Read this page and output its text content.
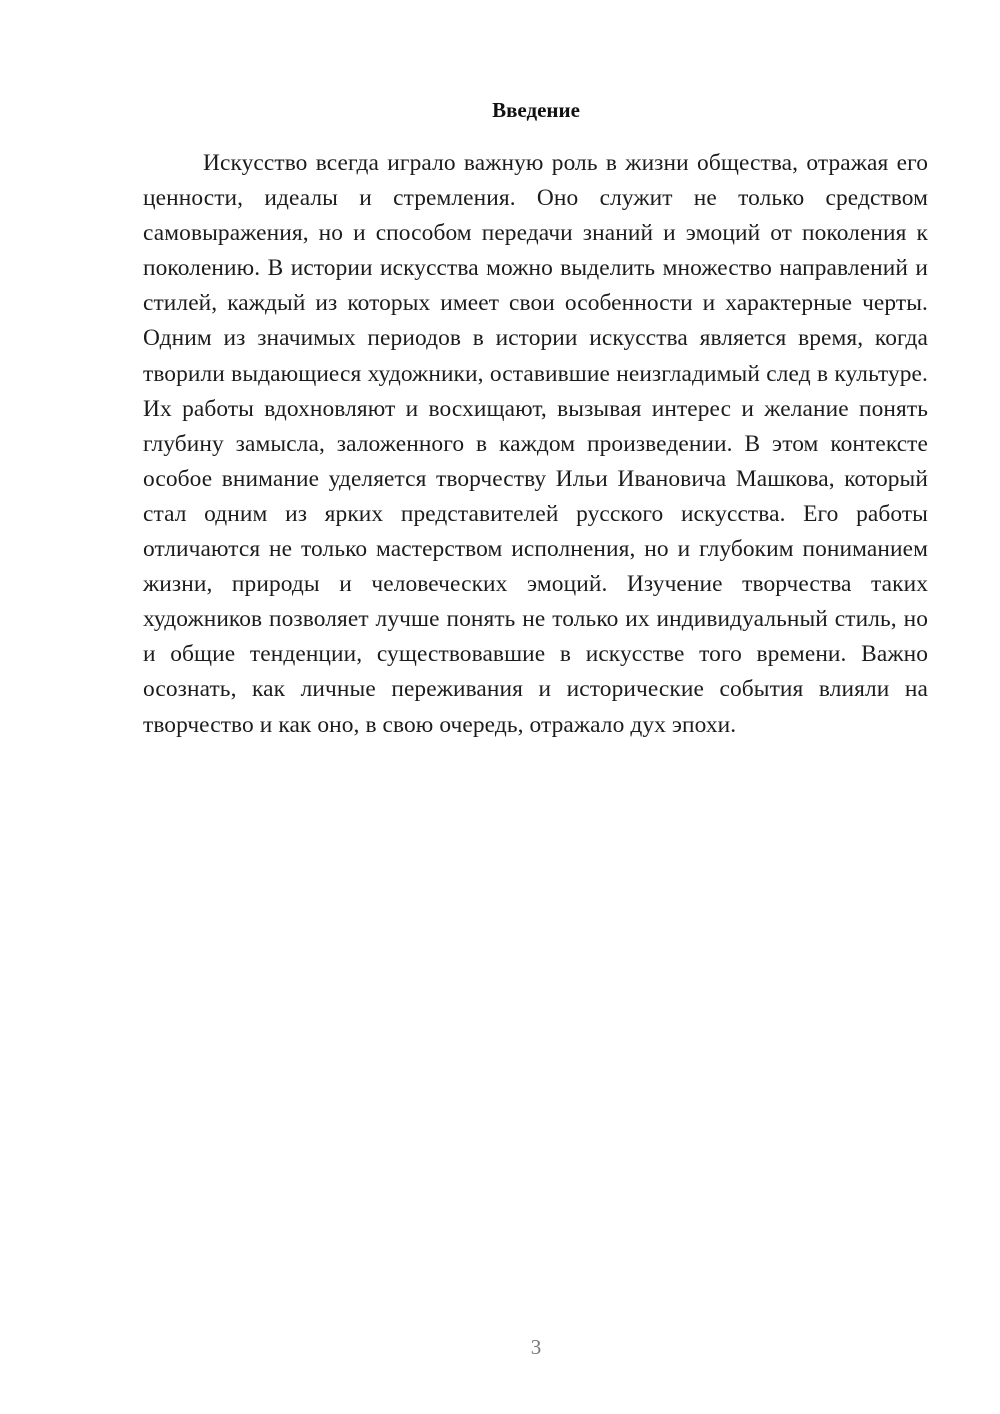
Введение

Искусство всегда играло важную роль в жизни общества, отражая его ценности, идеалы и стремления. Оно служит не только средством самовыражения, но и способом передачи знаний и эмоций от поколения к поколению. В истории искусства можно выделить множество направлений и стилей, каждый из которых имеет свои особенности и характерные черты. Одним из значимых периодов в истории искусства является время, когда творили выдающиеся художники, оставившие неизгладимый след в культуре. Их работы вдохновляют и восхищают, вызывая интерес и желание понять глубину замысла, заложенного в каждом произведении. В этом контексте особое внимание уделяется творчеству Ильи Ивановича Машкова, который стал одним из ярких представителей русского искусства. Его работы отличаются не только мастерством исполнения, но и глубоким пониманием жизни, природы и человеческих эмоций. Изучение творчества таких художников позволяет лучше понять не только их индивидуальный стиль, но и общие тенденции, существовавшие в искусстве того времени. Важно осознать, как личные переживания и исторические события влияли на творчество и как оно, в свою очередь, отражало дух эпохи.

3
